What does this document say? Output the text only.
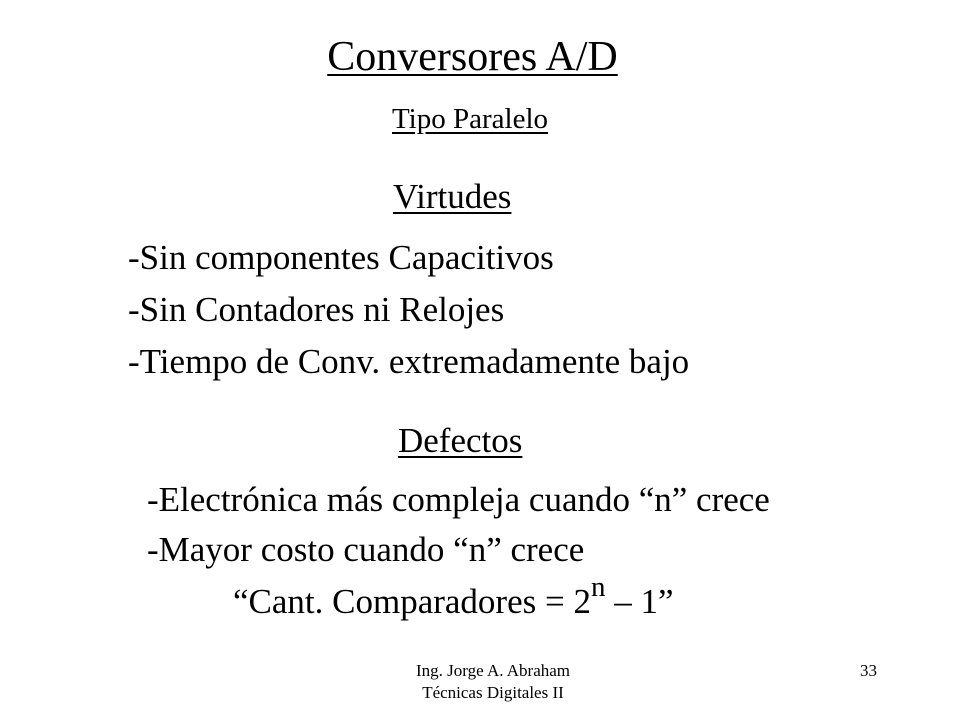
Conversores A/D
Tipo Paralelo
Virtudes
-Sin componentes Capacitivos
-Sin Contadores ni Relojes
-Tiempo de Conv. extremadamente bajo
Defectos
-Electrónica más compleja cuando “n” crece
-Mayor costo cuando “n” crece
“Cant. Comparadores = $2^n - 1$”
Ing. Jorge A. Abraham
Técnicas Digitales II
33
